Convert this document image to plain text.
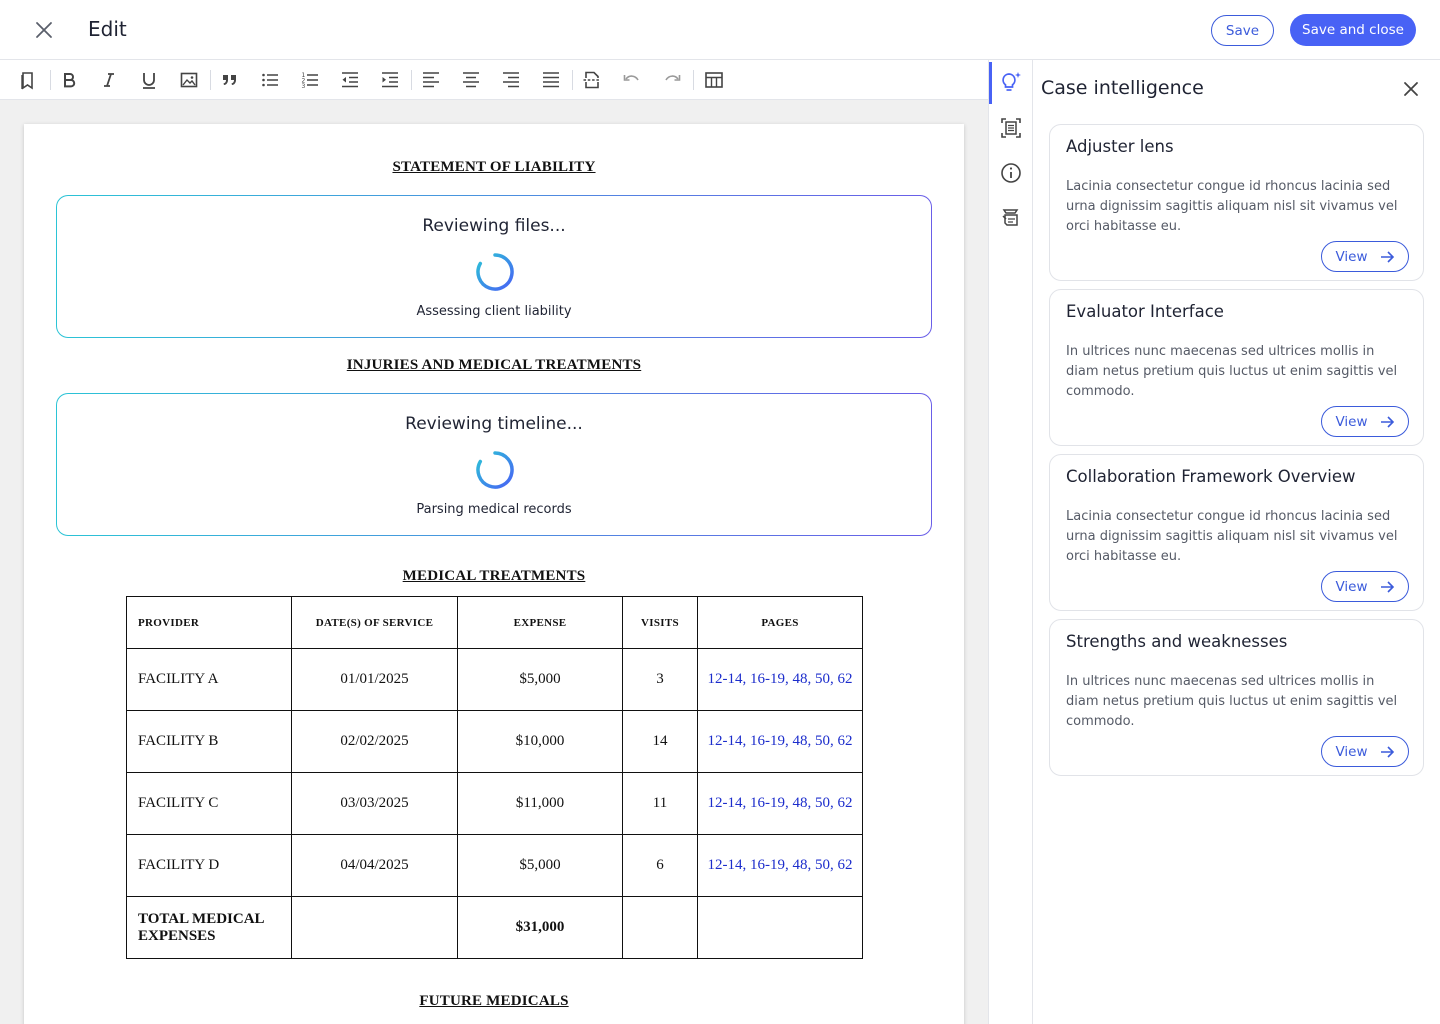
Edit	Save	Save and close
1
2
3
STATEMENT OF LIABILITY
Reviewing files...
Assessing client liability
INJURIES AND MEDICAL TREATMENTS
Reviewing timeline...
Parsing medical records
MEDICAL TREATMENTS
PROVIDER	DATE(S) OF SERVICE	EXPENSE	VISITS	PAGES
FACILITY A	01/01/2025	$5,000	3	12-14, 16-19, 48, 50, 62
FACILITY B	02/02/2025	$10,000	14	12-14, 16-19, 48, 50, 62
FACILITY C	03/03/2025	$11,000	11	12-14, 16-19, 48, 50, 62
FACILITY D	04/04/2025	$5,000	6	12-14, 16-19, 48, 50, 62
TOTAL MEDICAL EXPENSES		$31,000		
FUTURE MEDICALS
Case intelligence
Adjuster lens
Lacinia consectetur congue id rhoncus lacinia sed urna dignissim sagittis aliquam nisl sit vivamus vel orci habitasse eu.
View
Evaluator Interface
In ultrices nunc maecenas sed ultrices mollis in diam netus pretium quis luctus ut enim sagittis vel commodo.
View
Collaboration Framework Overview
Lacinia consectetur congue id rhoncus lacinia sed urna dignissim sagittis aliquam nisl sit vivamus vel orci habitasse eu.
View
Strengths and weaknesses
In ultrices nunc maecenas sed ultrices mollis in diam netus pretium quis luctus ut enim sagittis vel commodo.
View
